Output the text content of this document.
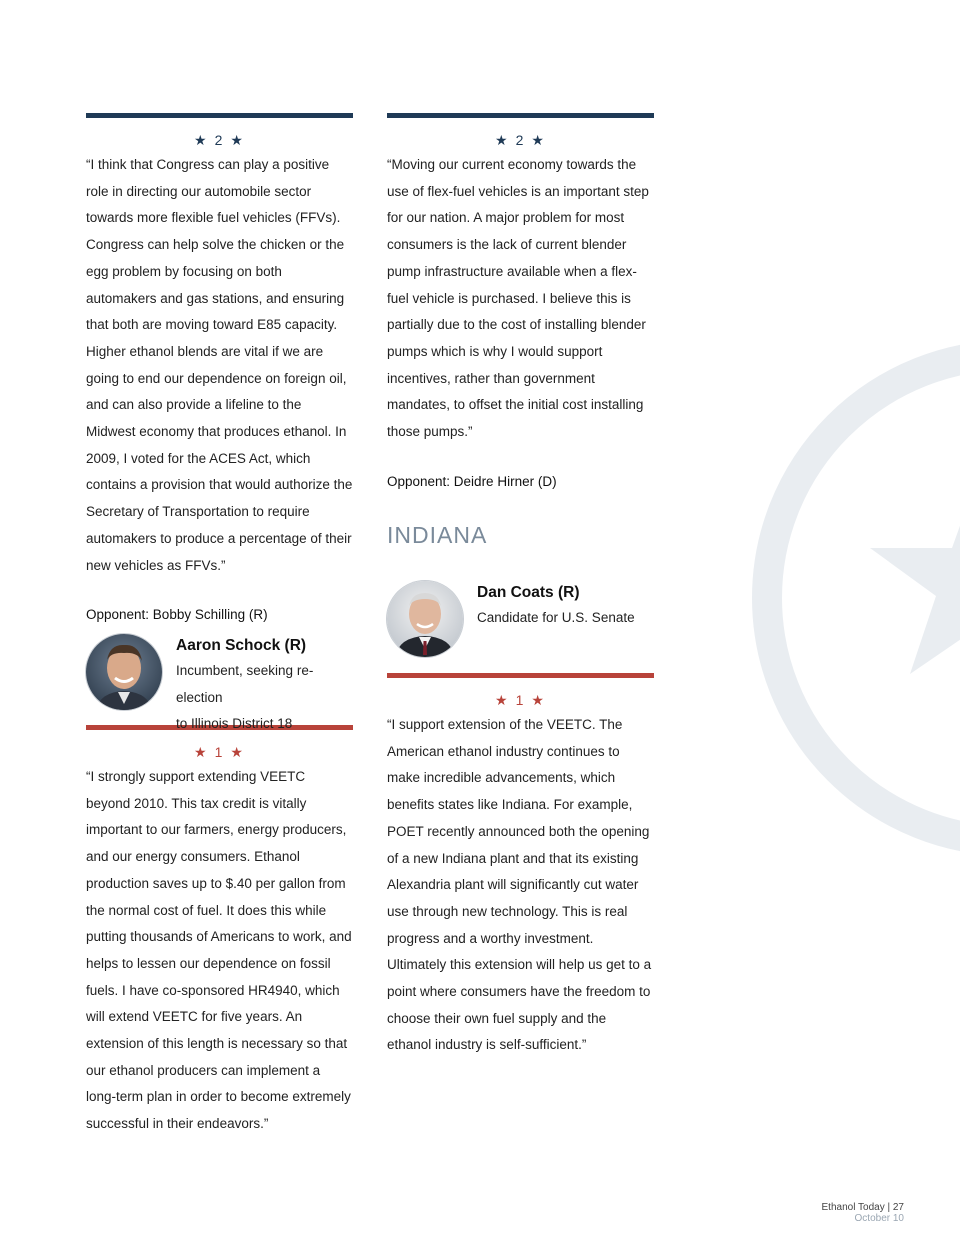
★ 2 ★

“I think that Congress can play a positive role in directing our automobile sector towards more flexible fuel vehicles (FFVs). Congress can help solve the chicken or the egg problem by focusing on both automakers and gas stations, and ensuring that both are moving toward E85 capacity. Higher ethanol blends are vital if we are going to end our dependence on foreign oil, and can also provide a lifeline to the Midwest economy that produces ethanol. In 2009, I voted for the ACES Act, which contains a provision that would authorize the Secretary of Transportation to require automakers to produce a percentage of their new vehicles as FFVs.”

Opponent: Bobby Schilling (R)
Aaron Schock (R)
Incumbent, seeking re-election
to Illinois District 18
★ 1 ★

“I strongly support extending VEETC beyond 2010. This tax credit is vitally important to our farmers, energy producers, and our energy consumers. Ethanol production saves up to $.40 per gallon from the normal cost of fuel. It does this while putting thousands of Americans to work, and helps to lessen our dependence on fossil fuels. I have co-sponsored HR4940, which will extend VEETC for five years. An extension of this length is necessary so that our ethanol producers can implement a long-term plan in order to become extremely successful in their endeavors.”

★ 2 ★

“Moving our current economy towards the use of flex-fuel vehicles is an important step for our nation. A major problem for most consumers is the lack of current blender pump infrastructure available when a flex-fuel vehicle is purchased. I believe this is partially due to the cost of installing blender pumps which is why I would support incentives, rather than government mandates, to offset the initial cost installing those pumps.”

Opponent: Deidre Hirner (D)
INDIANA
Dan Coats (R)
Candidate for U.S. Senate
★ 1 ★

“I support extension of the VEETC. The American ethanol industry continues to make incredible advancements, which benefits states like Indiana. For example, POET recently announced both the opening of a new Indiana plant and that its existing Alexandria plant will significantly cut water use through new technology. This is real progress and a worthy investment. Ultimately this extension will help us get to a point where consumers have the freedom to choose their own fuel supply and the ethanol industry is self-sufficient.”

Ethanol Today | 27
October 10
